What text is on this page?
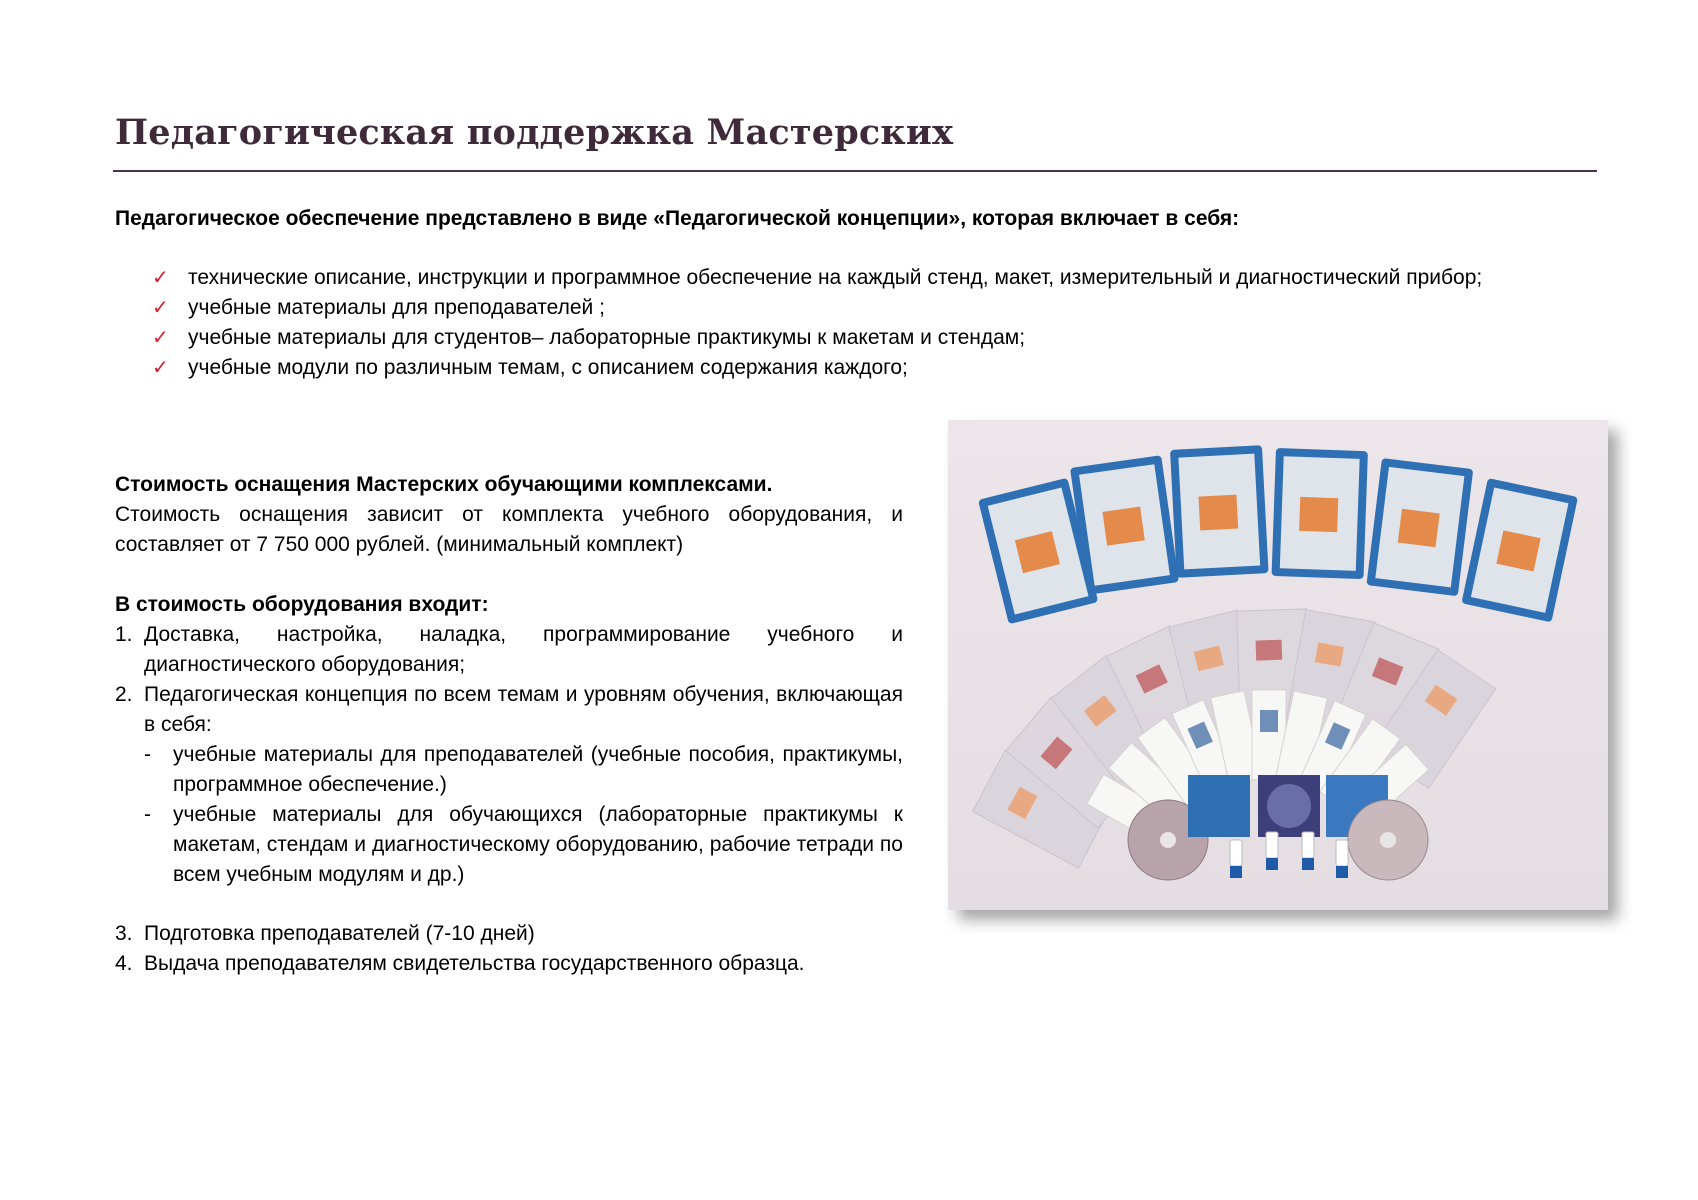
Педагогическая поддержка Мастерских
Педагогическое обеспечение представлено в виде «Педагогической концепции», которая включает в себя:
✓ технические описание, инструкции и программное обеспечение на каждый стенд, макет, измерительный и диагностический прибор;
✓ учебные материалы для преподавателей ;
✓ учебные материалы для студентов– лабораторные практикумы к макетам и стендам;
✓ учебные модули по различным темам, с описанием содержания каждого;
Стоимость оснащения Мастерских обучающими комплексами.
Стоимость оснащения зависит от комплекта учебного оборудования, и составляет от 7 750 000 рублей. (минимальный комплект)
В стоимость оборудования входит:
1. Доставка, настройка, наладка, программирование учебного и диагностического оборудования;
2. Педагогическая концепция по всем темам и уровням обучения, включающая в себя:
- учебные материалы для преподавателей (учебные пособия, практикумы, программное обеспечение.)
- учебные материалы для обучающихся (лабораторные практикумы к макетам, стендам и диагностическому оборудованию, рабочие тетради по всем учебным модулям и др.)
3. Подготовка преподавателей (7-10 дней)
4. Выдача преподавателям свидетельства государственного образца.
